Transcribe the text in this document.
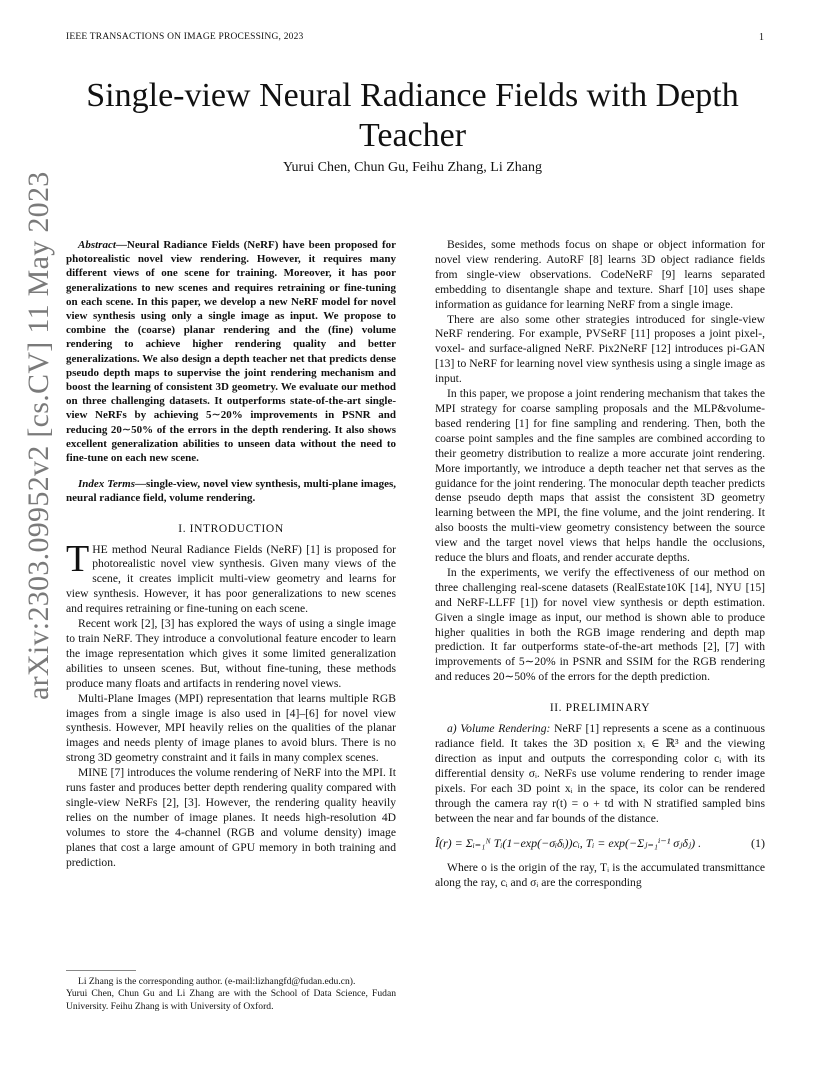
IEEE TRANSACTIONS ON IMAGE PROCESSING, 2023	1
arXiv:2303.09952v2 [cs.CV] 11 May 2023
Single-view Neural Radiance Fields with Depth Teacher
Yurui Chen, Chun Gu, Feihu Zhang, Li Zhang

Abstract—Neural Radiance Fields (NeRF) have been proposed for photorealistic novel view rendering. However, it requires many different views of one scene for training. Moreover, it has poor generalizations to new scenes and requires retraining or fine-tuning on each scene. In this paper, we develop a new NeRF model for novel view synthesis using only a single image as input. We propose to combine the (coarse) planar rendering and the (fine) volume rendering to achieve higher rendering quality and better generalizations. We also design a depth teacher net that predicts dense pseudo depth maps to supervise the joint rendering mechanism and boost the learning of consistent 3D geometry. We evaluate our method on three challenging datasets. It outperforms state-of-the-art single-view NeRFs by achieving 5∼20% improvements in PSNR and reducing 20∼50% of the errors in the depth rendering. It also shows excellent generalization abilities to unseen data without the need to fine-tune on each new scene.

Index Terms—single-view, novel view synthesis, multi-plane images, neural radiance field, volume rendering.

I. INTRODUCTION

THE method Neural Radiance Fields (NeRF) [1] is proposed for photorealistic novel view synthesis. Given many views of the scene, it creates implicit multi-view geometry and learns for view synthesis. However, it has poor generalizations to new scenes and requires retraining or fine-tuning on each scene.

Recent work [2], [3] has explored the ways of using a single image to train NeRF. They introduce a convolutional feature encoder to learn the image representation which gives it some limited generalization abilities to unseen scenes. But, without fine-tuning, these methods produce many floats and artifacts in rendering novel views.

Multi-Plane Images (MPI) representation that learns multiple RGB images from a single image is also used in [4]–[6] for novel view synthesis. However, MPI heavily relies on the qualities of the planar images and needs plenty of image planes to avoid blurs. There is no strong 3D geometry constraint and it fails in many complex scenes.

MINE [7] introduces the volume rendering of NeRF into the MPI. It runs faster and produces better depth rendering quality compared with single-view NeRFs [2], [3]. However, the rendering quality heavily relies on the number of image planes. It needs high-resolution 4D volumes to store the 4-channel (RGB and volume density) image planes that cost a large amount of GPU memory in both training and prediction.

Besides, some methods focus on shape or object information for novel view rendering. AutoRF [8] learns 3D object radiance fields from single-view observations. CodeNeRF [9] learns separated embedding to disentangle shape and texture. Sharf [10] uses shape information as guidance for learning NeRF from a single image.

There are also some other strategies introduced for single-view NeRF rendering. For example, PVSeRF [11] proposes a joint pixel-, voxel- and surface-aligned NeRF. Pix2NeRF [12] introduces pi-GAN [13] to NeRF for learning novel view synthesis using a single image as input.

In this paper, we propose a joint rendering mechanism that takes the MPI strategy for coarse sampling proposals and the MLP&volume-based rendering [1] for fine sampling and rendering. Then, both the coarse point samples and the fine samples are combined according to their geometry distribution to realize a more accurate joint rendering. More importantly, we introduce a depth teacher net that serves as the guidance for the joint rendering. The monocular depth teacher predicts dense pseudo depth maps that assist the consistent 3D geometry learning between the MPI, the fine volume, and the joint rendering. It also boosts the multi-view geometry consistency between the source view and the target novel views that helps handle the occlusions, reduce the blurs and floats, and render accurate depths.

In the experiments, we verify the effectiveness of our method on three challenging real-scene datasets (RealEstate10K [14], NYU [15] and NeRF-LLFF [1]) for novel view synthesis or depth estimation. Given a single image as input, our method is shown able to produce higher qualities in both the RGB image rendering and depth map prediction. It far outperforms state-of-the-art methods [2], [7] with improvements of 5∼20% in PSNR and SSIM for the RGB rendering and reduces 20∼50% of the errors for the depth prediction.

II. PRELIMINARY

a) Volume Rendering: NeRF [1] represents a scene as a continuous radiance field. It takes the 3D position xᵢ ∈ ℝ³ and the viewing direction as input and outputs the corresponding color cᵢ with its differential density σᵢ. NeRFs use volume rendering to render image pixels. For each 3D point xᵢ in the space, its color can be rendered through the camera ray r(t) = o + td with N stratified sampled bins between the near and far bounds of the distance.

Î(r) = Σᵢ₌₁ᴺ Tᵢ(1−exp(−σᵢδᵢ))cᵢ, Tᵢ = exp(−Σⱼ₌₁ⁱ⁻¹ σⱼδⱼ) .	(1)

Where o is the origin of the ray, Tᵢ is the accumulated transmittance along the ray, cᵢ and σᵢ are the corresponding

Li Zhang is the corresponding author. (e-mail:lizhangfd@fudan.edu.cn).
Yurui Chen, Chun Gu and Li Zhang are with the School of Data Science, Fudan University. Feihu Zhang is with University of Oxford.
